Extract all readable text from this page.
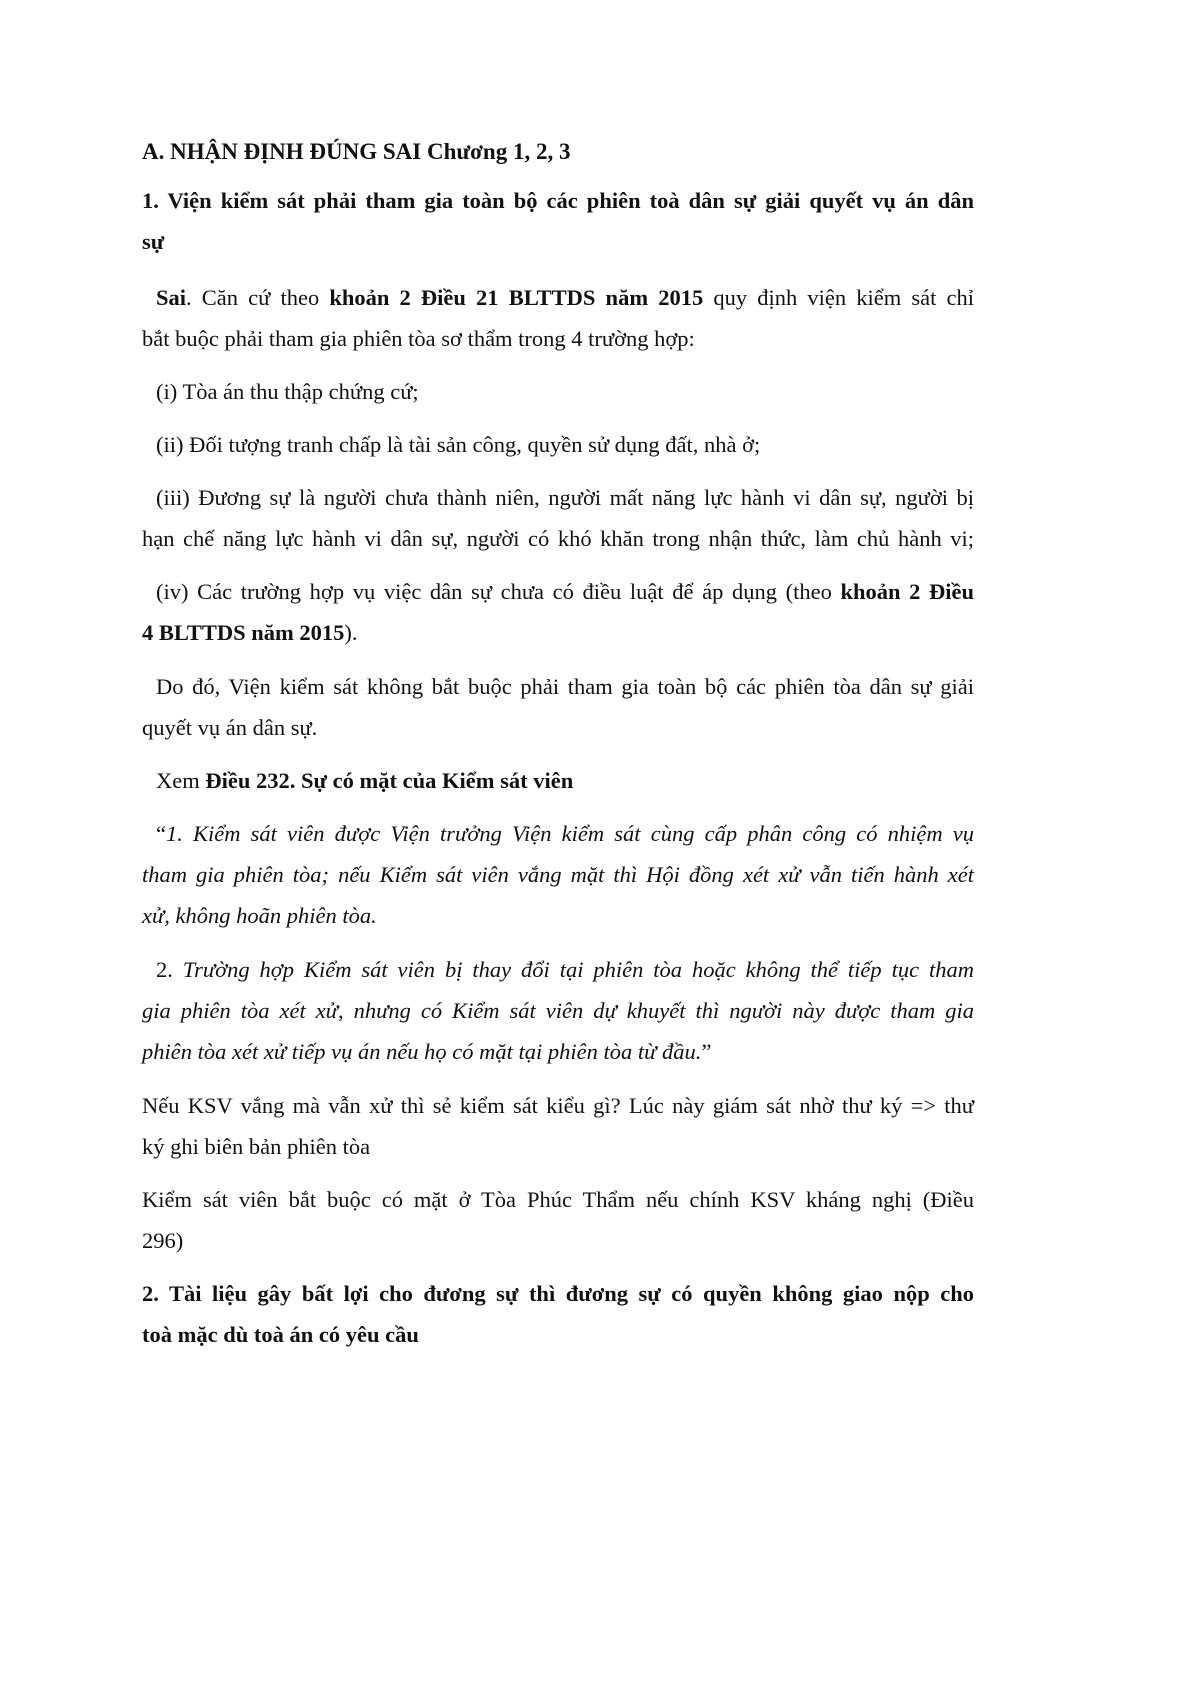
A. NHẬN ĐỊNH ĐÚNG SAI Chương 1, 2, 3
1. Viện kiểm sát phải tham gia toàn bộ các phiên toà dân sự giải quyết vụ án dân
sự
Sai. Căn cứ theo khoản 2 Điều 21 BLTTDS năm 2015 quy định viện kiểm sát chỉ
bắt buộc phải tham gia phiên tòa sơ thẩm trong 4 trường hợp:
(i) Tòa án thu thập chứng cứ;
(ii) Đối tượng tranh chấp là tài sản công, quyền sử dụng đất, nhà ở;
(iii) Đương sự là người chưa thành niên, người mất năng lực hành vi dân sự, người bị
hạn chế năng lực hành vi dân sự, người có khó khăn trong nhận thức, làm chủ hành vi;
(iv) Các trường hợp vụ việc dân sự chưa có điều luật để áp dụng (theo khoản 2 Điều
4 BLTTDS năm 2015).
Do đó, Viện kiểm sát không bắt buộc phải tham gia toàn bộ các phiên tòa dân sự giải
quyết vụ án dân sự.
Xem Điều 232. Sự có mặt của Kiểm sát viên
“1. Kiểm sát viên được Viện trưởng Viện kiểm sát cùng cấp phân công có nhiệm vụ
tham gia phiên tòa; nếu Kiểm sát viên vắng mặt thì Hội đồng xét xử vẫn tiến hành xét
xử, không hoãn phiên tòa.
2. Trường hợp Kiểm sát viên bị thay đổi tại phiên tòa hoặc không thể tiếp tục tham
gia phiên tòa xét xử, nhưng có Kiểm sát viên dự khuyết thì người này được tham gia
phiên tòa xét xử tiếp vụ án nếu họ có mặt tại phiên tòa từ đầu.”
Nếu KSV vắng mà vẫn xử thì sẻ kiểm sát kiểu gì? Lúc này giám sát nhờ thư ký => thư
ký ghi biên bản phiên tòa
Kiểm sát viên bắt buộc có mặt ở Tòa Phúc Thẩm nếu chính KSV kháng nghị (Điều
296)
2. Tài liệu gây bất lợi cho đương sự thì đương sự có quyền không giao nộp cho
toà mặc dù toà án có yêu cầu
